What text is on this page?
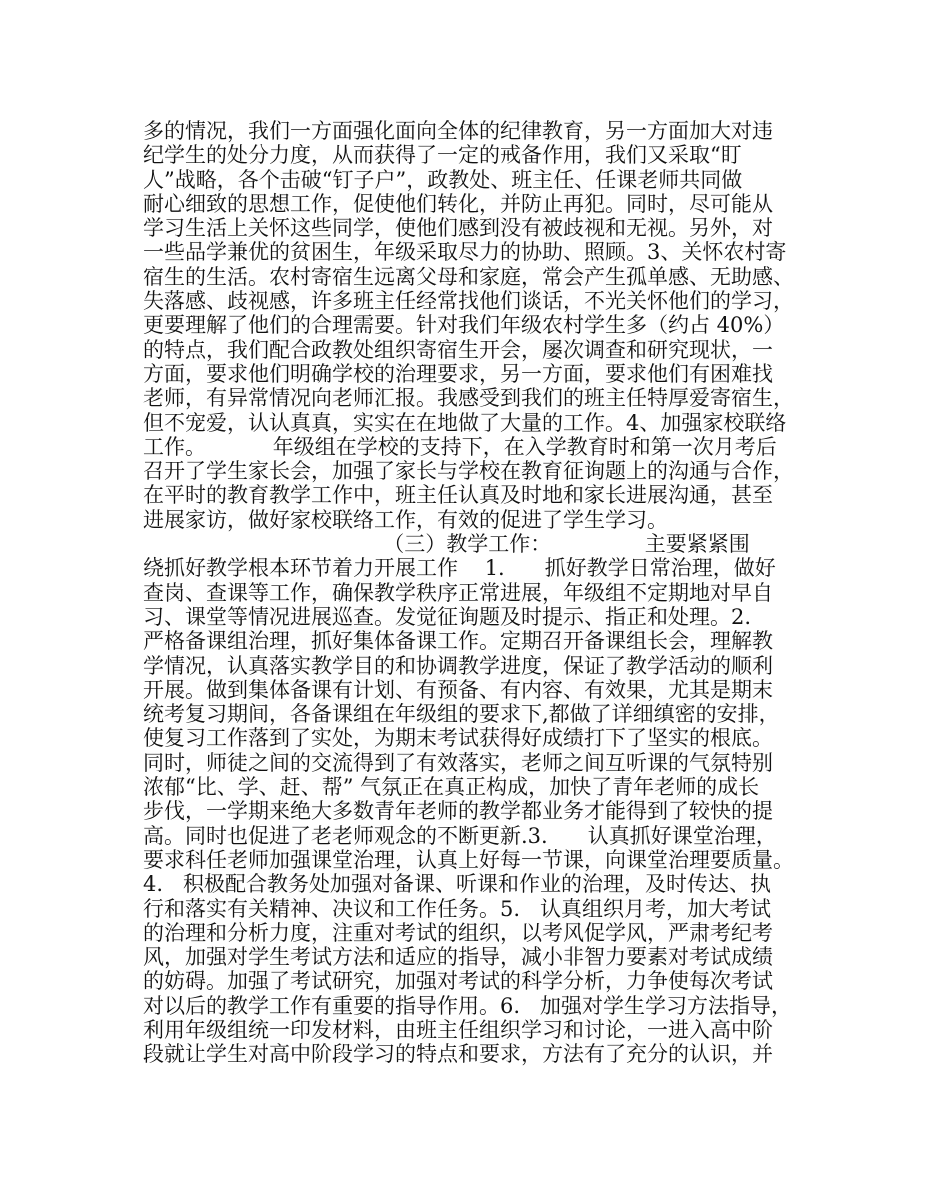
多的情况，我们一方面强化面向全体的纪律教育，另一方面加大对违
纪学生的处分力度，从而获得了一定的戒备作用，我们又采取“盯
人”战略，各个击破“钉子户”，政教处、班主任、任课老师共同做
耐心细致的思想工作，促使他们转化，并防止再犯。同时，尽可能从
学习生活上关怀这些同学，使他们感到没有被歧视和无视。另外，对
一些品学兼优的贫困生，年级采取尽力的协助、照顾。3、关怀农村寄
宿生的生活。农村寄宿生远离父母和家庭，常会产生孤单感、无助感、
失落感、歧视感，许多班主任经常找他们谈话，不光关怀他们的学习，
更要理解了他们的合理需要。针对我们年级农村学生多（约占 40%）
的特点，我们配合政教处组织寄宿生开会，屡次调查和研究现状，一
方面，要求他们明确学校的治理要求，另一方面，要求他们有困难找
老师，有异常情况向老师汇报。我感受到我们的班主任特厚爱寄宿生，
但不宠爱，认认真真，实实在在地做了大量的工作。4、加强家校联络
工作。          年级组在学校的支持下，在入学教育时和第一次月考后
召开了学生家长会，加强了家长与学校在教育征询题上的沟通与合作，
在平时的教育教学工作中，班主任认真及时地和家长进展沟通，甚至
进展家访，做好家校联络工作，有效的促进了学生学习。
（三）教学工作：              主要紧紧围
绕抓好教学根本环节着力开展工作    1.      抓好教学日常治理，做好
查岗、查课等工作，确保教学秩序正常进展，年级组不定期地对早自
习、课堂等情况进展巡查。发觉征询题及时提示、指正和处理。2.
严格备课组治理，抓好集体备课工作。定期召开备课组长会，理解教
学情况，认真落实教学目的和协调教学进度，保证了教学活动的顺利
开展。做到集体备课有计划、有预备、有内容、有效果，尤其是期末
统考复习期间，各备课组在年级组的要求下,都做了详细缜密的安排，
使复习工作落到了实处，为期末考试获得好成绩打下了坚实的根底。
同时，师徒之间的交流得到了有效落实，老师之间互听课的气氛特别
浓郁“比、学、赶、帮” 气氛正在真正构成，加快了青年老师的成长
步伐，一学期来绝大多数青年老师的教学都业务才能得到了较快的提
高。同时也促进了老老师观念的不断更新.3.      认真抓好课堂治理，
要求科任老师加强课堂治理，认真上好每一节课，向课堂治理要质量。
4.   积极配合教务处加强对备课、听课和作业的治理，及时传达、执
行和落实有关精神、决议和工作任务。5.   认真组织月考，加大考试
的治理和分析力度，注重对考试的组织，以考风促学风，严肃考纪考
风，加强对学生考试方法和适应的指导，减小非智力要素对考试成绩
的妨碍。加强了考试研究，加强对考试的科学分析，力争使每次考试
对以后的教学工作有重要的指导作用。6.   加强对学生学习方法指导，
利用年级组统一印发材料，由班主任组织学习和讨论，一进入高中阶
段就让学生对高中阶段学习的特点和要求，方法有了充分的认识，并
